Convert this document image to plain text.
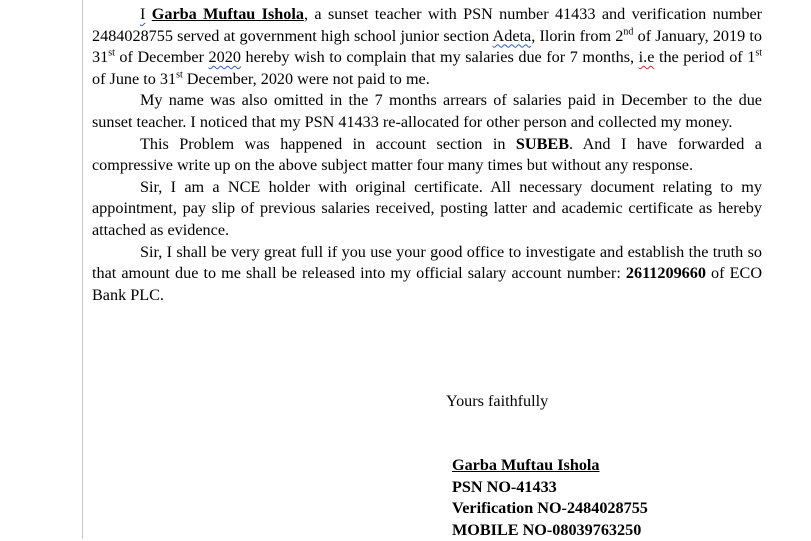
I Garba Muftau Ishola, a sunset teacher with PSN number 41433 and verification number 2484028755 served at government high school junior section Adeta, Ilorin from 2nd of January, 2019 to 31st of December 2020 hereby wish to complain that my salaries due for 7 months, i.e the period of 1st of June to 31st December, 2020 were not paid to me.

My name was also omitted in the 7 months arrears of salaries paid in December to the due sunset teacher. I noticed that my PSN 41433 re-allocated for other person and collected my money.

This Problem was happened in account section in SUBEB. And I have forwarded a compressive write up on the above subject matter four many times but without any response.

Sir, I am a NCE holder with original certificate. All necessary document relating to my appointment, pay slip of previous salaries received, posting latter and academic certificate as hereby attached as evidence.

Sir, I shall be very great full if you use your good office to investigate and establish the truth so that amount due to me shall be released into my official salary account number: 2611209660 of ECO Bank PLC.

Yours faithfully
Garba Muftau Ishola
PSN NO-41433
Verification NO-2484028755
MOBILE NO-08039763250
